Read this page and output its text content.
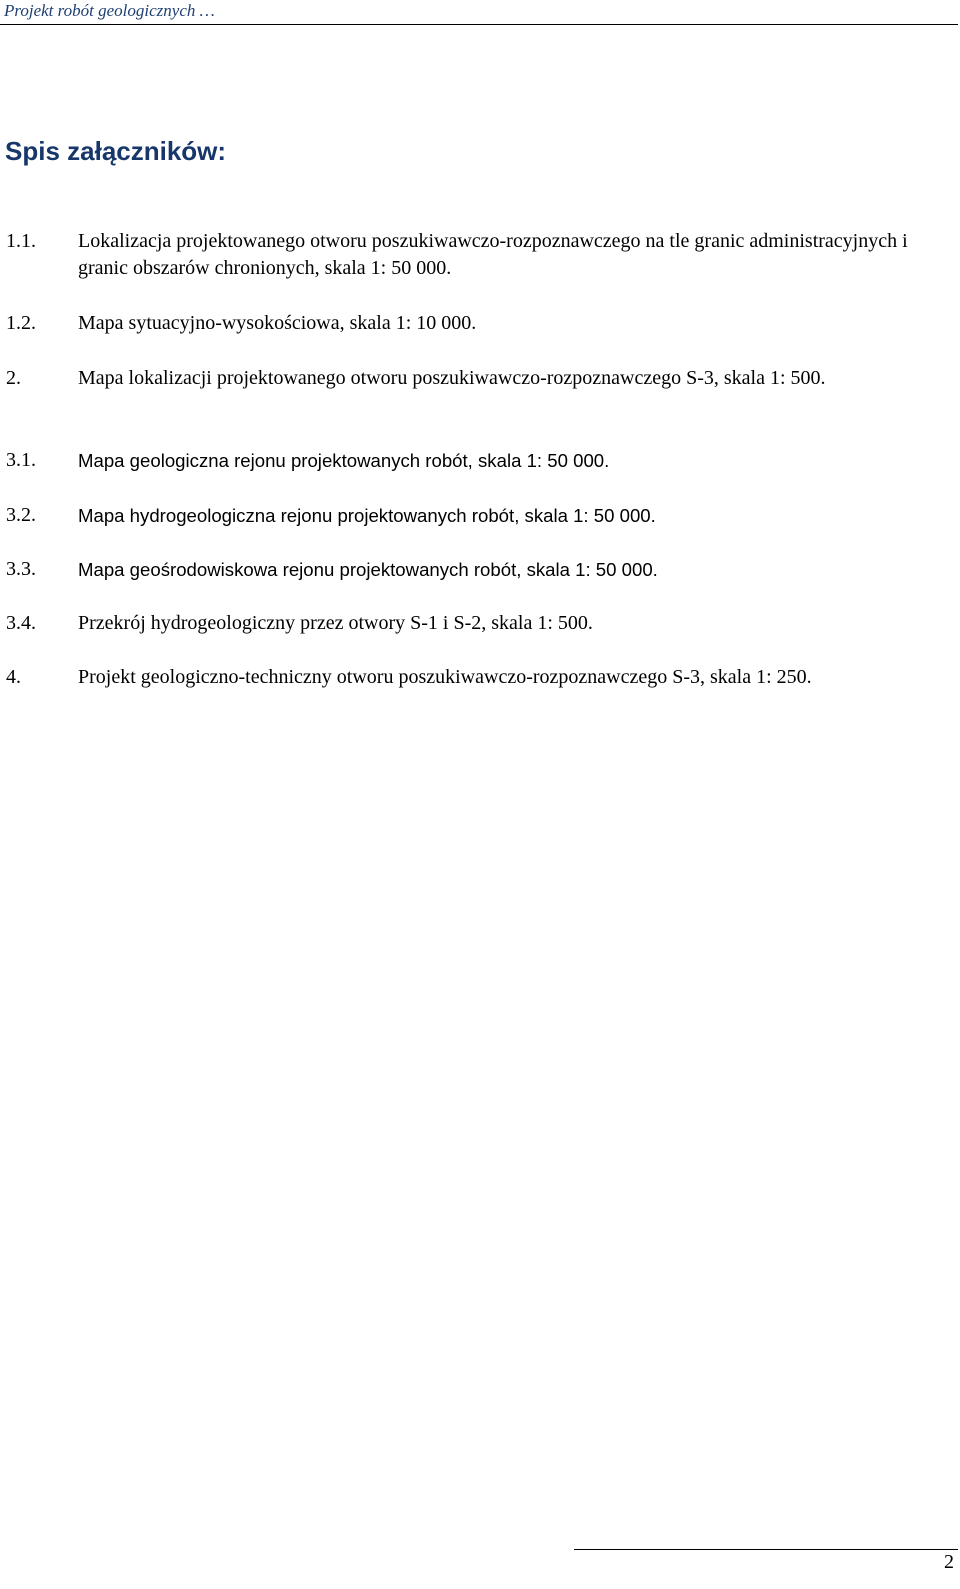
Projekt robót geologicznych …
Spis załączników:
1.1. Lokalizacja projektowanego otworu poszukiwawczo-rozpoznawczego na tle granic administracyjnych i granic obszarów chronionych, skala 1: 50 000.
1.2. Mapa sytuacyjno-wysokościowa, skala 1: 10 000.
2.	Mapa lokalizacji projektowanego otworu poszukiwawczo-rozpoznawczego S-3, skala 1: 500.
3.1. Mapa geologiczna rejonu projektowanych robót, skala 1: 50 000.
3.2. Mapa hydrogeologiczna rejonu projektowanych robót, skala 1: 50 000.
3.3. Mapa geośrodowiskowa rejonu projektowanych robót, skala 1: 50 000.
3.4. Przekrój hydrogeologiczny przez otwory S-1 i S-2, skala 1: 500.
4.	Projekt geologiczno-techniczny otworu poszukiwawczo-rozpoznawczego S-3, skala 1: 250.
2
